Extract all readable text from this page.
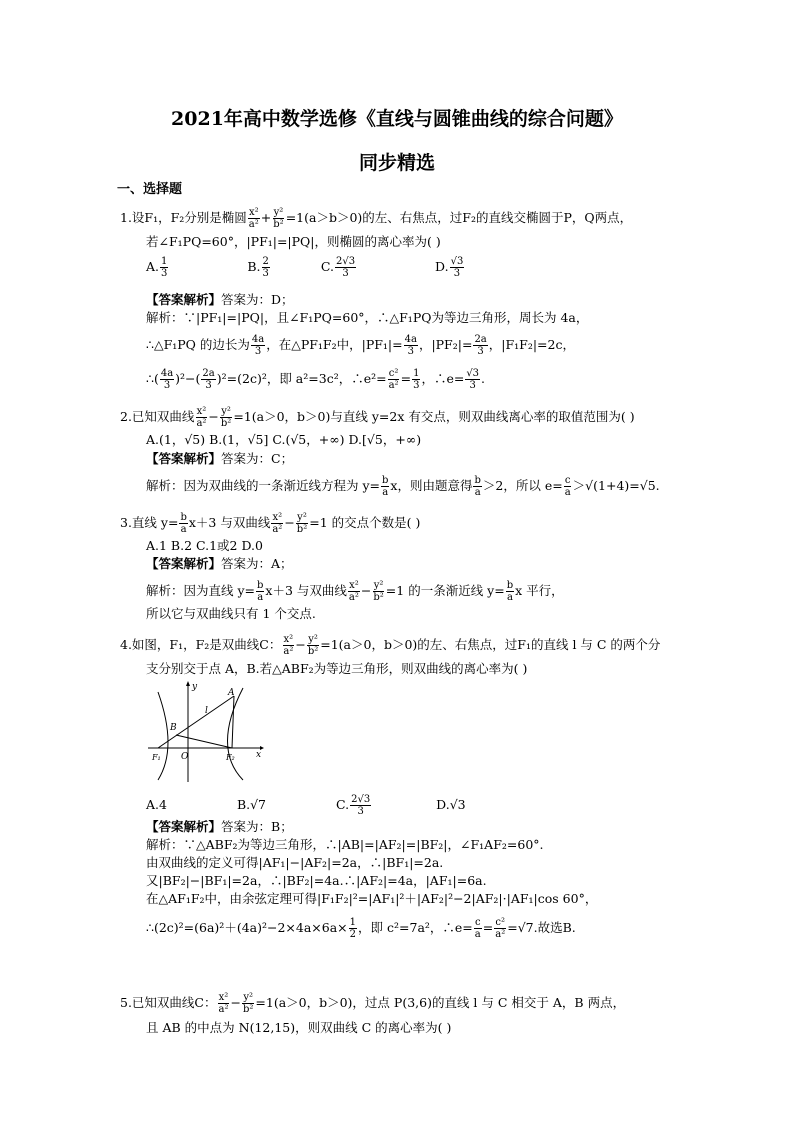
2021年高中数学选修《直线与圆锥曲线的综合问题》
同步精选
一、选择题
1.设F₁，F₂分别是椭圆 $\frac{\text{x²}}{\text{a²}} + \frac{\text{y²}}{\text{b²}} =1(a>b>0)$的左、右焦点，过F₂的直线交椭圆于P，Q两点，
若∠F₁PQ=60°，|PF₁|=|PQ|，则椭圆的离心率为( )
A. $\frac{1}{3}$	B. $\frac{2}{3}$	C. $\frac{2√3}{3}$	D. $\frac{√3}{3}$
【答案解析】答案为：D；
解析：∵|PF₁|=|PQ|，且∠F₁PQ=60°，∴△F₁PQ为等边三角形，周长为 4a，
∴△F₁PQ 的边长为 $\frac{4a}{3}$ ，在△PF₁F₂中，$|PF_1|= \frac{4a}{3}$ ，$|PF_2|= \frac{2a}{3}$ ，|F₁F₂|=2c，
∴( $\frac{4a}{3} )^2-( \frac{2a}{3} )^2=(2c)^2$，即 a²=3c²，∴e²= $\frac{\text{c²}}{\text{a²}} = \frac{1}{3}$ ，∴e= $\frac{√3}{3}$ .
2.已知双曲线 $\frac{\text{x²}}{\text{a²}} - \frac{\text{y²}}{\text{b²}} =1(a>0$，b＞0)与直线 y=2x 有交点，则双曲线离心率的取值范围为( )
A.(1，√5) B.(1，√5] C.(√5，+∞) D.[√5，+∞)
【答案解析】答案为：C；
解析：因为双曲线的一条渐近线方程为 $y= \frac{b}{a}$ x，则由题意得 $\frac{b}{a} >2$，所以 $e= \frac{c}{a} >√(1+4)=√5$.
3.直线 $y= \frac{b}{a} x+3$ 与双曲线 $\frac{\text{x²}}{\text{a²}} - \frac{\text{y²}}{\text{b²}} =1$ 的交点个数是( )
A.1 B.2 C.1或2 D.0
【答案解析】答案为：A；
解析：因为直线 $y= \frac{b}{a} x+3$ 与双曲线 $\frac{\text{x²}}{\text{a²}} - \frac{\text{y²}}{\text{b²}} =1$ 的一条渐近线 $y= \frac{b}{a}$ x 平行，
所以它与双曲线只有 1 个交点.
4.如图，F₁，F₂是双曲线C： $\frac{\text{x²}}{\text{a²}} - \frac{\text{y²}}{\text{b²}} =1(a>0$，b＞0)的左、右焦点，过F₁的直线 l 与 C 的两个分
支分别交于点 A，B.若△ABF₂为等边三角形，则双曲线的离心率为( )
y
x
A
B
l
O
F₁	F₂
A.4	B.√7	C. $\frac{2√3}{3}$	D.√3
【答案解析】答案为：B；
解析：∵△ABF₂为等边三角形，∴|AB|=|AF₂|=|BF₂|，∠F₁AF₂=60°.
由双曲线的定义可得|AF₁|−|AF₂|=2a，∴|BF₁|=2a.
又|BF₂|−|BF₁|=2a，∴|BF₂|=4a.∴|AF₂|=4a，|AF₁|=6a.
在△AF₁F₂中，由余弦定理可得|F₁F₂|²=|AF₁|²＋|AF₂|²−2|AF₂|·|AF₁|cos 60°，
∴(2c)²=(6a)²＋(4a)²−2×4a×6a× $\frac{1}{2}$ ，即 c²=7a²，∴e= $\frac{c}{a} = \frac{\text{c²}}{\text{a²}} =√7$.故选B.
5.已知双曲线C： $\frac{\text{x²}}{\text{a²}} - \frac{\text{y²}}{\text{b²}} =1(a>0$，b＞0)，过点 P(3,6)的直线 l 与 C 相交于 A，B 两点，
且 AB 的中点为 N(12,15)，则双曲线 C 的离心率为( )
